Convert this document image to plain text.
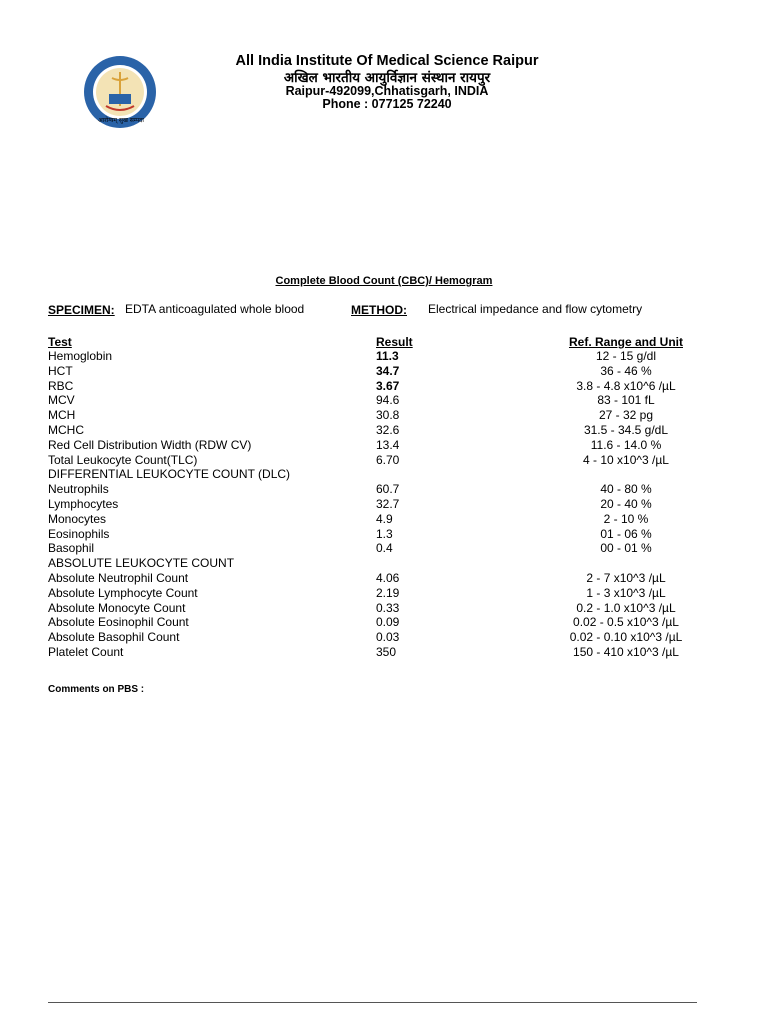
आरोग्यम् सुख सम्पदा
All India Institute Of Medical Science Raipur
अखिल भारतीय आयुर्विज्ञान संस्थान रायपुर
Raipur-492099,Chhatisgarh, INDIA
Phone : 077125 72240
Complete Blood Count (CBC)/ Hemogram
SPECIMEN: EDTA anticoagulated whole blood	METHOD: Electrical impedance and flow cytometry
Test	Result	Ref. Range and Unit
Hemoglobin	11.3	12 - 15 g/dl
HCT	34.7	36 - 46 %
RBC	3.67	3.8 - 4.8 x10^6 /µL
MCV	94.6	83 - 101 fL
MCH	30.8	27 - 32 pg
MCHC	32.6	31.5 - 34.5 g/dL
Red Cell Distribution Width (RDW CV)	13.4	11.6 - 14.0 %
Total Leukocyte Count(TLC)	6.70	4 - 10 x10^3 /µL
DIFFERENTIAL LEUKOCYTE COUNT (DLC)
Neutrophils	60.7	40 - 80 %
Lymphocytes	32.7	20 - 40 %
Monocytes	4.9	2 - 10 %
Eosinophils	1.3	01 - 06 %
Basophil	0.4	00 - 01 %
ABSOLUTE LEUKOCYTE COUNT
Absolute Neutrophil Count	4.06	2 - 7 x10^3 /µL
Absolute Lymphocyte Count	2.19	1 - 3 x10^3 /µL
Absolute Monocyte Count	0.33	0.2 - 1.0 x10^3 /µL
Absolute Eosinophil Count	0.09	0.02 - 0.5 x10^3 /µL
Absolute Basophil Count	0.03	0.02 - 0.10 x10^3 /µL
Platelet Count	350	150 - 410 x10^3 /µL
Comments on PBS :
